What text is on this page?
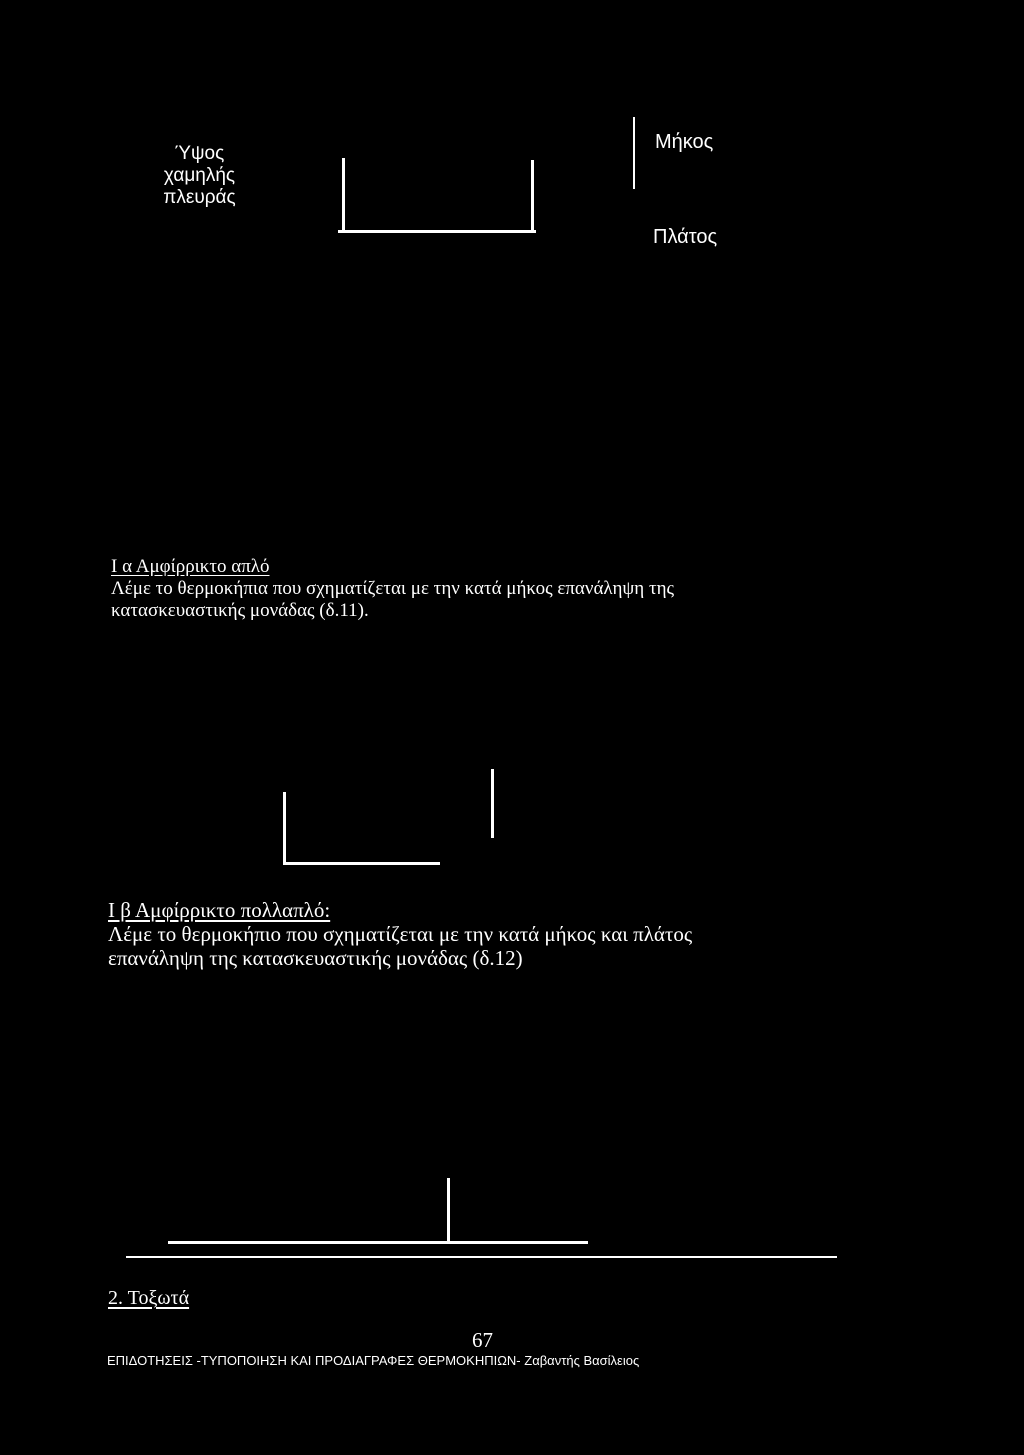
Ύψος
χαμηλής
πλευράς
Μήκος
Πλάτος
I α Αμφίρρικτο απλό
Λέμε το θερμοκήπια που σχηματίζεται με την κατά μήκος επανάληψη της
κατασκευαστικής μονάδας (δ.11).
I β Αμφίρρικτο πολλαπλό:
Λέμε το θερμοκήπιο που σχηματίζεται με την κατά μήκος και πλάτος
επανάληψη της κατασκευαστικής μονάδας (δ.12)
2. Τοξωτά
67
ΕΠΙΔΟΤΗΣΕΙΣ -ΤΥΠΟΠΟΙΗΣΗ ΚΑΙ ΠΡΟΔΙΑΓΡΑΦΕΣ ΘΕΡΜΟΚΗΠΙΩΝ- Ζαβαντής Βασίλειος
